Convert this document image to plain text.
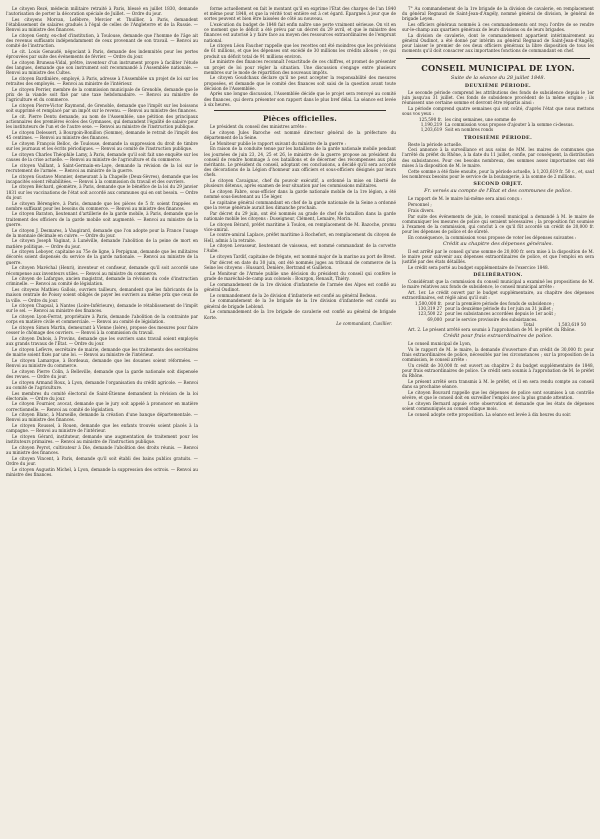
Le citoyen Rezé, médecin militaire retraité à Paris, blessé en juillet 1830, demande l'autorisation de porter la décoration spéciale de Juillet. — Ordre du jour.

Les citoyens Morvan, Lefèbvre, Mercier et Thuillier, à Paris, demandent l'établissement de salaires gradués à l'égal de celles de l'Angleterre et de la Russie. — Renvoi au ministre des finances.

Le citoyen Genty, ex-chef d'institution, à Toulouse, demande que l'homme de l'âge ait des revenus suffisants indépendamment de ceux provenant de son travail. — Renvoi au comité de l'instruction.

Le cit. Louis Genaudé, négociant à Paris, demande des indemnités pour les pertes éprouvées par suite des événements de février. — Ordre du jour.

Le citoyen Bruneau-Vidal, prêtre, inventeur d'un instrument propre à faciliter l'étude des langues, demande que son instrument soit recommandé à l'Assemblée nationale. — Renvoi au ministre des Cultes.

Le citoyen Bardinière, employé, à Paris, adresse à l'Assemblée un projet de loi sur les retraites des employés. — Renvoi au ministre de l'intérieur.

Le citoyen Perrier, membre de la commission municipale de Grenoble, demande que le prix de la viande soit fixé par une taxe hebdomadaire. — Renvoi au ministre de l'agriculture et du commerce.

Le citoyen Pierre-Victor Raymond, de Grenoble, demande que l'impôt sur les boissons soit supprimé et remplacé par un impôt sur le revenu. — Renvoi au ministre des finances.

Le cit. Pierre Dentu demande, au nom de l'Assemblée, une pétition des principaux actionnaires des premières écoles des Gymnases, qui demandent l'égalité de salaire pour les instituteurs de l'un et de l'autre sexe. — Renvoi au ministre de l'instruction publique.

Le citoyen Delessert, à Bourgoin-Bonillon (Somme), demande le retrait de l'impôt des 45 centimes. — Renvoi au ministre des finances.

Le citoyen François Belloc, de Toulouse, demande la suppression du droit de timbre sur les journaux et les écrits périodiques. — Renvoi au comité de l'instruction publique.

Le citoyen Charles Théophile Lamy, à Paris, demande qu'il soit fait une enquête sur les causes de la crise actuelle. — Renvoi au ministre de l'agriculture et du commerce.

Le citoyen Vaillant, à Saint-Germain-en-Laye, demande la révision de la loi sur le recrutement de l'armée. — Renvoi au ministre de la guerre.

Le citoyen Gustave Monnier, demeurant à la Chapelle (Deux-Sèvres), demande que les incapacités soient réhabilitées. — Renvoi à la commission du travail et des ouvriers.

Le citoyen Béchard, géomètre, à Paris, demande que le bénéfice de la loi du 29 janvier 1831 sur les vaccinations de l'état soit accordé aux communes qui en ont besoin. — Ordre du jour.

Le citoyen Bérengère, à Paris, demande que les pièces de 5 fr. soient frappées en nombre suffisant pour les besoins du commerce. — Renvoi au ministre des finances.

Le citoyen Baraton, lieutenant d'artillerie de la garde mobile, à Paris, demande que le traitement des officiers de la garde mobile soit augmenté. — Renvoi au ministre de la guerre.

Le citoyen J. Desmares, à Vaugirard, demande que l'on adopte pour la France l'usage de la monnaie décimale en cuivre. — Ordre du jour.

Le citoyen Joseph Vaginat, à Lunéville, demande l'abolition de la peine de mort en matière politique. — Ordre du jour.

Le citoyen Leboyer, capitaine au 75e de ligne, à Perpignan, demande que les militaires décorés soient dispensés du service de la garde nationale. — Renvoi au ministre de la guerre.

Le citoyen Maréchal (Henri), inventeur et confiseur, demande qu'il soit accordé une récompense aux inventeurs utiles. — Renvoi au ministre du commerce.

Le citoyen de Lafargue, ancien magistrat, demande la révision du code d'instruction criminelle. — Renvoi au comité de législation.

Les citoyens Mathieu Gallois, ouvriers tailleurs, demandent que les fabricants de la maison centrale de Poissy soient obligés de payer les ouvriers au même prix que ceux de la ville. — Ordre du jour.

Le citoyen Chapsal, à Nantes (Loire-Inférieure), demande le rétablissement de l'impôt sur le sel. — Renvoi au ministre des finances.

Le citoyen Lyon-Ferrat, propriétaire à Paris, demande l'abolition de la contrainte par corps en matière civile et commerciale. — Renvoi au comité de législation.

Le citoyen Simon Martin, demeurant à Vienne (Isère), propose des mesures pour faire cesser le chômage des ouvriers. — Renvoi à la commission du travail.

Le citoyen Dubois, à Provins, demande que les ouvriers sans travail soient employés aux grands travaux de l'État. — Ordre du jour.

Le citoyen Lefèvre, secrétaire de mairie, demande que les traitements des secrétaires de mairie soient fixés par une loi. — Renvoi au ministre de l'intérieur.

Le citoyen Lamarque, à Bordeaux, demande que les douanes soient réformées. — Renvoi au ministre du commerce.

Le citoyen Pierre Colin, à Belleville, demande que la garde nationale soit dispensée des revues. — Ordre du jour.

Le citoyen Armand Roux, à Lyon, demande l'organisation du crédit agricole. — Renvoi au comité de l'agriculture.

Les membres du comité électoral de Saint-Étienne demandent la révision de la loi électorale. — Ordre du jour.

Le citoyen Fournier, avocat, demande que le jury soit appelé à prononcer en matière correctionnelle. — Renvoi au comité de législation.

Le citoyen Blanc, à Marseille, demande la création d'une banque départementale. — Renvoi au ministre des finances.

Le citoyen Roussel, à Rouen, demande que les enfants trouvés soient placés à la campagne. — Renvoi au ministre de l'intérieur.

Le citoyen Gérard, instituteur, demande une augmentation de traitement pour les instituteurs primaires. — Renvoi au ministre de l'instruction publique.

Le citoyen Peyrot, cultivateur à Die, demande l'abolition des droits réunis. — Renvoi au ministre des finances.

Le citoyen Vincent, à Paris, demande qu'il soit établi des bains publics gratuits. — Ordre du jour.

Le citoyen Augustin Michel, à Lyon, demande la suppression des octrois. — Renvoi au ministre des finances.

forme actuellement en fait le montant qu'il en exprime l'État des charges de l'an 1840 et même pour 1848, et que la vérité tout entière est à cet égard. Épargnés à jour que de sortes peuvent et bien être laissées de côté au nouveau.

L'exécution du budget de 1848 fait enfin naître une perte vraiment sérieuse. On vit en ce moment que le déficit a été prévu par un décret du 29 avril, et que le ministre des finances est autorisé à y faire face au moyen des ressources extraordinaires de l'emprunt national.

Le citoyen Léon Faucher rappelle que les recettes ont été moindres que les prévisions de 61 millions, et que les dépenses ont excédé de 30 millions les crédits alloués ; ce qui produit un déficit total de 91 millions environ.

Le ministre des finances reconnaît l'exactitude de ces chiffres, et promet de présenter un projet de loi pour régler la situation. Une discussion s'engage entre plusieurs membres sur le mode de répartition des nouveaux impôts.

Le citoyen Goudchaux déclare qu'il ne peut accepter la responsabilité des mesures proposées, et demande que le comité des finances soit saisi de la question avant toute décision de l'Assemblée.

Après une longue discussion, l'Assemblée décide que le projet sera renvoyé au comité des finances, qui devra présenter son rapport dans le plus bref délai. La séance est levée à six heures.

Pièces officielles.

Le président du conseil des ministres arrête :

Le citoyen Jules Baroche est nommé directeur général de la préfecture du département de la Seine.

Le Moniteur publie le rapport suivant du ministre de la guerre :

En raison de la conduite tenue par les bataillons de la garde nationale mobile pendant les journées de juin 23, 24, 25 et 26, le ministre de la guerre propose au président du conseil de rendre hommage à ces bataillons et de décerner des récompenses aux plus méritants. Le président du conseil, adoptant ces conclusions, a décidé qu'il sera accordé des décorations de la Légion d'honneur aux officiers et sous-officiers désignés par leurs chefs.

Le citoyen Cavaignac, chef du pouvoir exécutif, a ordonné la mise en liberté de plusieurs détenus, après examen de leur situation par les commissions militaires.

Le citoyen Fabre, sous-officier dans la garde nationale mobile de la 1re légion, a été nommé sous-lieutenant au 15e léger.

Le capitaine général commandant en chef de la garde nationale de la Seine a ordonné que la revue générale aurait lieu dimanche prochain.

Par décret du 29 juin, ont été nommés au grade de chef de bataillon dans la garde nationale mobile les citoyens : Duseigneur, Clément, Lemaire, Morin.

Le citoyen Bérard, préfet maritime à Toulon, en remplacement de M. Bazoche, promu vice-amiral.

Le contre-amiral Laplace, préfet maritime à Rochefort, en remplacement du citoyen de Hell, admis à la retraite.

Le citoyen Levasseur, lieutenant de vaisseau, est nommé commandant de la corvette l'Aube.

Le citoyen Tardif, capitaine de frégate, est nommé major de la marine au port de Brest.

Par décret en date du 30 juin, ont été nommés juges au tribunal de commerce de la Seine les citoyens : Hussard, Denière, Bertrand et Gailleton.

Le Moniteur de l'Armée publie une décision du président du conseil qui confère le grade de maréchal-de-camp aux colonels : Bourgon, Renault, Thiéry.

Le commandement de la 1re division d'infanterie de l'armée des Alpes est confié au général Oudinot.

Le commandement de la 2e division d'infanterie est confié au général Bedeau.

Le commandement de la 3e brigade de la 1re division d'infanterie est confié au général de brigade Leblond.

Le commandement de la 1re brigade de cavalerie est confié au général de brigade Korte.

Le commandant, Cuvillier.

7° Au commandement de la 1re brigade de la division de cavalerie, en remplacement du général Regnaud de Saint-Jean-d'Angély, nommé général de division, le général de brigade Leyen.

Les officiers généraux nommés à ces commandements ont reçu l'ordre de se rendre sur-le-champ aux quartiers généraux de leurs divisions ou de leurs brigades.

La division de cavalerie, dont le commandement appartient intérimairement au général Oudinot, a été donné par intérim au général Regnaud de Saint-Jean-d'Angély, pour laisser le premier de ces deux officiers généraux la libre disposition de tous les moments qu'il doit consacrer aux importantes fonctions de commandant en chef.

CONSEIL MUNICIPAL DE LYON.
Suite de la séance du 28 juillet 1848.
DEUXIÈME PÉRIODE.

Le seconde période comprend les attributions des fonds de subsidence depuis le 1er juin jusqu'au 31 juillet. Ces fonds de subsidence procèdent de la même origine ; ils réunissent une certaine somme et devront être répartis ainsi :

La période comprend quatre semaines qui ont coûté, d'après l'état que nous mettons sous vos yeux :

125,590 fr. les cinq semaines, une somme de
1,190,219 La commission vous propose d'ajouter à la somme ci-dessus.
1,203,619 Soit en nombres ronds
TROISIÈME PÉRIODE.

Reste la période actuelle.

Ceci annonce à la surveillance et aux soins de MM. les maires de communes que l'arrêté du préfet du Rhône, à la date du 11 juillet, confie, par conséquent, la distribution des subsistances. Pour ces besoins nombreux, des sommes assez importantes ont été mises à la disposition de M. le maire.

Cette somme a été fixée ensuite, pour la période actuelle, à 1,203,619 fr. 50 c., et, sauf les nombreux besoins pour le service de la boulangerie, à la somme de 2 millions.

SECOND OBJET.
Fr. versés au compte de l'État et des communes de police.

Le rapport de M. le maire lui-même sera ainsi conçu :

Personnel ;

Frais divers.

Par suite des événements de juin, le conseil municipal a demandé à M. le maire de communiquer les mesures de police qui seraient nécessaires ; la proposition fut soumise à l'examen de la commission, qui conclut à ce qu'il fût accordé un crédit de 20,000 fr. pour les dépenses de police et de sûreté.

En conséquence, la commission vous propose de voter les dépenses suivantes :

Crédit au chapitre des dépenses générales.

Il est arrêté par le conseil qu'une somme de 20,000 fr. sera mise à la disposition de M. le maire pour subvenir aux dépenses extraordinaires de police, et que l'emploi en sera justifié par des états détaillés.

Le crédit sera porté au budget supplémentaire de l'exercice 1848.

DÉLIBÉRATION.

Considérant que la commission du conseil municipal a examiné les propositions de M. le maire relatives aux fonds de subsidence, le conseil municipal arrête :

Art. 1er. Le crédit ouvert par le budget supplémentaire, au chapitre des dépenses extraordinaires, est réglé ainsi qu'il suit :

1,500,000 fr. pour la première période des fonds de subsidence ;
130,319 27 pour la deuxième période du 1er juin au 31 juillet ;
123,500 22 pour les subsistances accordées depuis le 1er août ;
69,000 pour le service provisoire des subsistances.
Total	1,503,619 50

Art. 2. Le présent arrêté sera soumis à l'approbation de M. le préfet du Rhône.

Crédit pour frais extraordinaires de police.

Le conseil municipal de Lyon,

Vu le rapport de M. le maire, la demande d'ouverture d'un crédit de 30,000 fr. pour frais extraordinaires de police, nécessités par les circonstances ; sur la proposition de la commission, le conseil arrête :

Un crédit de 30,000 fr. est ouvert au chapitre 2 du budget supplémentaire de 1848, pour frais extraordinaires de police. Ce crédit sera soumis à l'approbation de M. le préfet du Rhône.

Le présent arrêté sera transmis à M. le préfet, et il en sera rendu compte au conseil dans sa prochaine séance.

Le citoyen Bouvard rappelle que les dépenses de police sont soumises à un contrôle sévère, et que le conseil doit en surveiller l'emploi avec la plus grande attention.

Le citoyen Bernard appuie cette observation et demande que les états de dépenses soient communiqués au conseil chaque mois.

Le conseil adopte cette proposition. La séance est levée à dix heures du soir.
